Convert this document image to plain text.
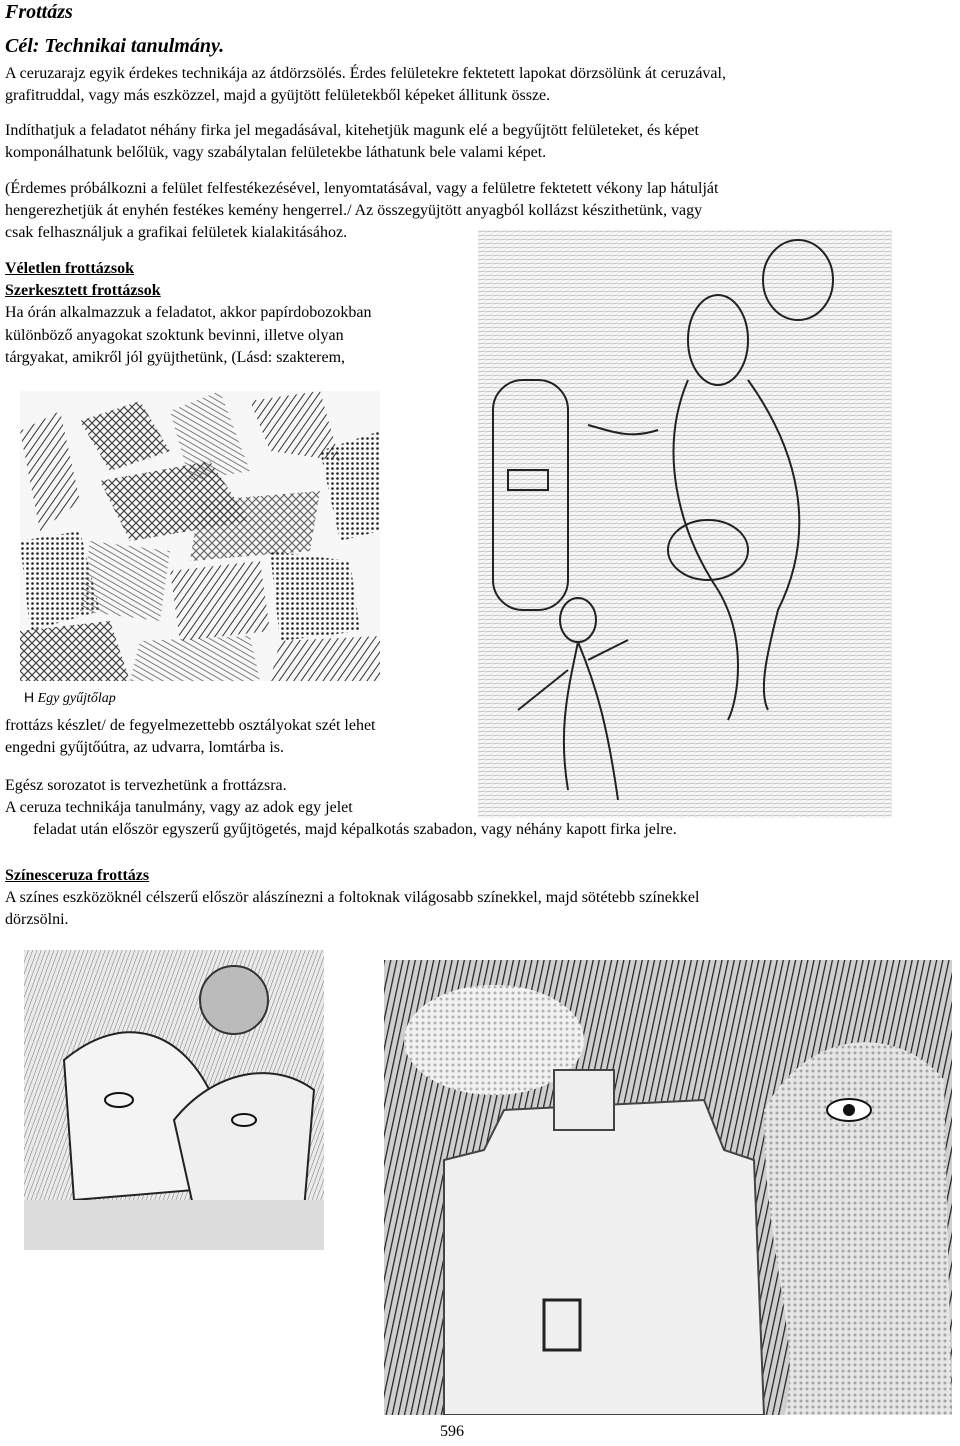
Frottázs
Cél: Technikai tanulmány.
A ceruzarajz egyik érdekes technikája az átdörzsölés. Érdes felületekre fektetett lapokat dörzsölünk át ceruzával,
grafitruddal, vagy más eszközzel, majd a gyüjtött felületekből képeket állitunk össze.
Indíthatjuk a feladatot néhány firka jel megadásával, kitehetjük magunk elé a begyűjtött felületeket, és képet
komponálhatunk belőlük, vagy szabálytalan felületekbe láthatunk bele valami képet.
(Érdemes próbálkozni a felület felfestékezésével, lenyomtatásával, vagy a felületre fektetett vékony lap hátulját
hengerezhetjük át enyhén festékes kemény hengerrel./ Az összegyüjtött anyagból kollázst készithetünk, vagy
csak felhasználjuk a grafikai felületek kialakitásához.
Véletlen frottázsok
Szerkesztett frottázsok
Ha órán alkalmazzuk a feladatot, akkor papírdobozokban
különböző anyagokat szoktunk bevinni, illetve olyan
tárgyakat, amikről jól gyüjthetünk, (Lásd: szakterem,
H Egy gyűjtőlap
frottázs készlet/ de fegyelmezettebb osztályokat szét lehet
engedni gyűjtőútra, az udvarra, lomtárba is.
Egész sorozatot is tervezhetünk a frottázsra.
A ceruza technikája tanulmány, vagy az adok egy jelet
feladat után először egyszerű gyűjtögetés, majd képalkotás szabadon, vagy néhány kapott firka jelre.
Színesceruza frottázs
A színes eszközöknél célszerű először alászínezni a foltoknak világosabb színekkel, majd sötétebb színekkel
dörzsölni.
596
